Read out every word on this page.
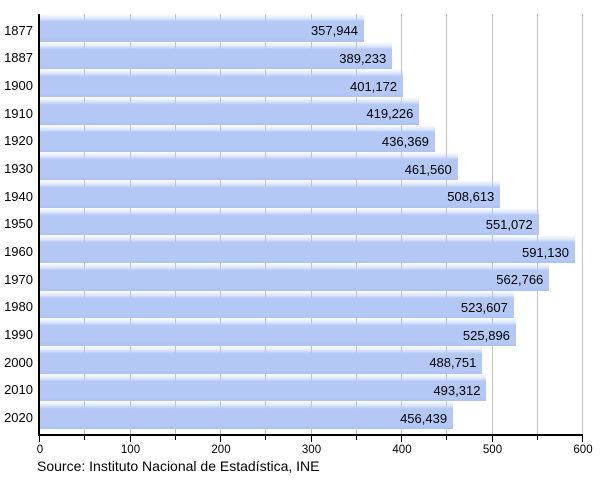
1877	357,944
1887	389,233
1900	401,172
1910	419,226
1920	436,369
1930	461,560
1940	508,613
1950	551,072
1960	591,130
1970	562,766
1980	523,607
1990	525,896
2000	488,751
2010	493,312
2020	456,439
0	100	200	300	400	500	600
Source: Instituto Nacional de Estadística, INE
